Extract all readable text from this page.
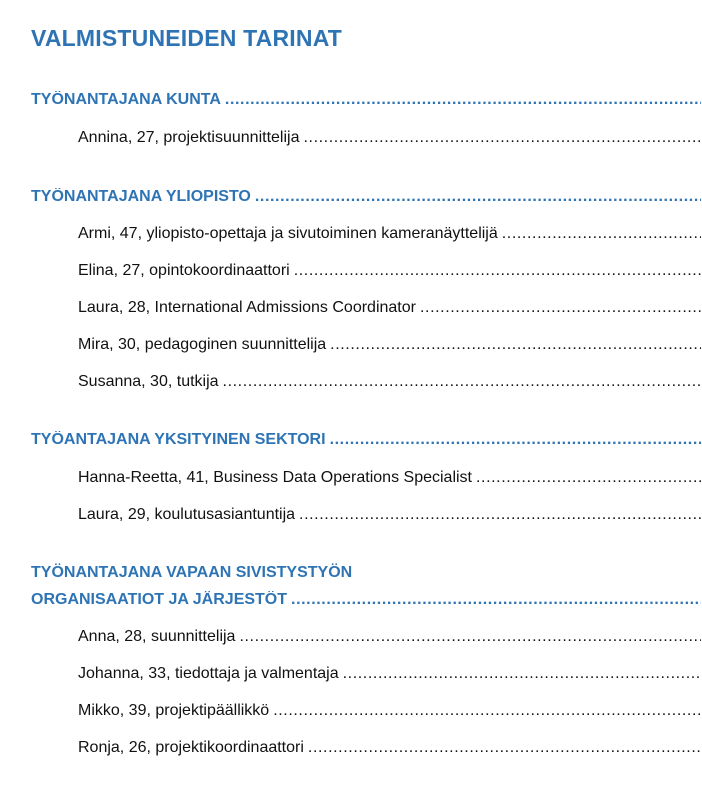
VALMISTUNEIDEN TARINAT
TYÖNANTAJANA KUNTA
.....
Annina, 27, projektisuunnittelija
.....
TYÖNANTAJANA YLIOPISTO
.....
Armi, 47, yliopisto-opettaja ja sivutoiminen kameranäyttelijä
.....
Elina, 27, opintokoordinaattori
.....
Laura, 28, International Admissions Coordinator
.....
Mira, 30, pedagoginen suunnittelija
.....
Susanna, 30, tutkija
.....
TYÖANTAJANA YKSITYINEN SEKTORI
.....
Hanna-Reetta, 41, Business Data Operations Specialist
.....
Laura, 29, koulutusasiantuntija
.....
TYÖNANTAJANA VAPAAN SIVISTYSTYÖN
ORGANISAATIOT JA JÄRJESTÖT
.....
Anna, 28, suunnittelija
.....
Johanna, 33, tiedottaja ja valmentaja
.....
Mikko, 39, projektipäällikkö
.....
Ronja, 26, projektikoordinaattori
.....
